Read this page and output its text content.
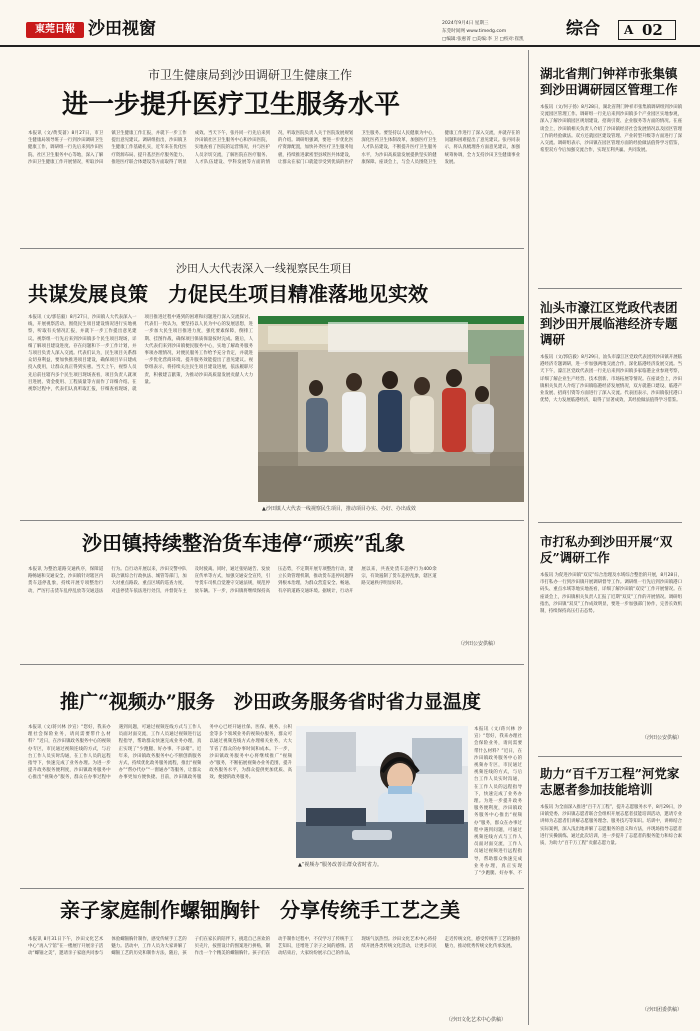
東莞日報 沙田视窗	2024年9月4日 星期三
东莞时间网 www.timedg.com
□编辑:张惠菁 □美编:李 卫 □校对:崔凯
综合 A 02
市卫生健康局到沙田调研卫生健康工作
进一步提升医疗卫生服务水平
本报讯（文/黄雯蔷）8月27日，市卫生健康局领导班子一行到沙田调研卫生健康工作，调研组一行先后来到沙田医院、社区卫生服务中心等地，深入了解沙田卫生健康工作开展情况，听取沙田镇卫生健康工作汇报，并就下一步工作提出意见建议。调研组指出，沙田镇卫生健康工作基础扎实，近年来在优化医疗资源布局、提升基层医疗服务能力、推进医疗联合体建设等方面取得了明显成效。当天下午，张丹同一行先后来到沙田镇社区卫生服务中心和沙田医院，实地查看了医院的运营情况，并与医护人员亲切交流，了解医院在医疗服务、人才队伍建设、学科发展等方面的情况，听取医院负责人关于医院发展规划的介绍。调研组强调，要进一步优化医疗资源配置，加快补齐医疗卫生服务短板，持续推进紧密型县域医共体建设，让群众在家门口就能享受到优质的医疗卫生服务。要坚持以人民健康为中心，深化医药卫生体制改革，加强医疗卫生人才队伍建设，不断提升医疗卫生服务水平，为沙田高质量发展提供坚实的健康保障。座谈会上，与会人员围绕卫生健康工作进行了深入交流，并就存在的问题和困难提出了意见建议。张丹同表示，将认真梳理各方面意见建议，加强统筹协调，全力支持沙田卫生健康事业发展。
沙田人大代表深入一线视察民生项目
共谋发展良策　力促民生项目精准落地见实效
本报讯（文/郭信毅）8月27日，沙田镇人大代表深入一线，开展视察活动，围绕民生项目建设情况进行实地视察，听取有关情况汇报，并就下一步工作提出意见建议。视察组一行先后来到沙田镇多个民生项目现场，详细了解项目建设进度、存在问题和下一步工作计划，并与项目负责人深入交流。代表们认为，民生项目关系群众切身利益，要加快推进项目建设，确保项目早日建成投入使用，让群众真正得到实惠。当天上午，视察人员先后前往辖内多个民生项目现场查看，项目负责人就项目进展、资金使用、工程质量等方面作了详细介绍。在视察过程中，代表们认真听取汇报，仔细查看现场，就项目推进过程中遇到的困难和问题进行深入交流探讨。代表们一致认为，要坚持以人民为中心的发展思想，进一步加大民生项目推进力度，强化要素保障，倒排工期、挂图作战，确保项目保质保量按时完成。随后，人大代表们来到沙田镇便民服务中心，实地了解政务服务事项办理情况，对便民服务工作给予充分肯定，并就进一步优化营商环境、提升服务效能提出了意见建议。视察组表示，将持续关注民生项目建设进展，依法履职尽责，积极建言献策，为推动沙田高质量发展贡献人大力量。
▲沙田镇人大代表一线视察民生项目，推动项目办实、办好、办出成效
沙田镇持续整治货车违停“顽疾”乱象
本报讯 为整治道路交通秩序，保障道路畅通和交通安全，沙田镇针对辖区内货车违停乱象，持续开展专项整治行动，严厉打击货车乱停乱放等交通违法行为。自行动开展以来，沙田交警中队联合镇综合行政执法、城管等部门，加大对重点路段、重点区域的巡查力度，对违停货车依法进行处罚，并督促车主及时驶离。同时，通过张贴通告、发放宣传单等方式，加强交通安全宣传，引导货车司机自觉遵守交通法规，规范停放车辆。下一步，沙田镇将继续保持高压态势，不定期开展专项整治行动，建立长效管理机制，推动货车违停问题得到根本治理，为群众营造安全、畅通、有序的道路交通环境。据统计，行动开展以来，共查处货车违停行为400余宗，有效遏制了货车违停乱象，辖区道路交通秩序明显好转。
（沙田公安供稿）
推广“视频办”服务　沙田政务服务省时省力显温度
本报讯（文/蒋兴林 沙宣）“您好，我来办理社会保险业务，请问需要带什么材料？”近日，在沙田镇政务服务中心的视频办专区，市民通过视频连线的方式，与后台工作人员实时沟通，在工作人员的远程指导下，快速完成了业务办理。为进一步提升政务服务便利度，沙田镇政务服务中心推出“视频办”服务，群众在办事过程中遇到问题，可通过视频连线方式与工作人员面对面交流，工作人员通过视频进行远程指导，帮助群众快速完成业务办理，真正实现了“少跑腿、好办事、不添堵”。近年来，沙田镇政务服务中心不断创新服务方式，持续优化政务服务流程，推出“视频办”“帮办代办”“一窗通办”等服务，让群众办事更加方便快捷。目前，沙田镇政务服务中心已经开通社保、医保、税务、公积金等多个领域业务的视频办服务，群众可以通过视频连线方式办理相关业务，大大节省了群众的办事时间和成本。下一步，沙田镇政务服务中心将继续推广“视频办”服务，不断拓展视频办业务范围，提升政务服务水平，为群众提供更加优质、高效、便捷的政务服务。
▲“视频办”服务改善让群众省时省力。
本报讯（文/蒋兴林 沙宣）“您好，我来办理社会保险业务，请问需要带什么材料？”近日，在沙田镇政务服务中心的视频办专区，市民通过视频连线的方式，与后台工作人员实时沟通，在工作人员的远程指导下，快速完成了业务办理。为进一步提升政务服务便利度，沙田镇政务服务中心推出“视频办”服务，群众在办事过程中遇到问题，可通过视频连线方式与工作人员面对面交流，工作人员通过视频进行远程指导，帮助群众快速完成业务办理，真正实现了“少跑腿、好办事、不
亲子家庭制作螺钿胸针　分享传统手工艺之美
本报讯 8月31日下午，沙田文化艺术中心“再入宁馆”在一楼展厅开展亲子活动“螺钿之美”，邀请亲子家庭共同参与体验螺钿胸针制作，感受传统手工艺的魅力。活动中，工作人员为大家讲解了螺钿工艺的历史和制作方法，随后，孩子们在家长的陪伴下，挑选自己喜欢的贝壳片，按照设计的图案进行拼贴，制作出一个个精美的螺钿胸针。孩子们在动手制作过程中，不仅学习了传统手工艺知识，还增进了亲子之间的感情。活动结束后，大家纷纷展示自己的作品，现场气氛热烈。沙田文化艺术中心将持续开展各类传统文化活动，让更多市民走近传统文化，感受传统手工艺的独特魅力，推动优秀传统文化传承发展。
（沙田文化艺术中心供稿）
湖北省荆门钟祥市张集镇到沙田调研园区管理工作
本报讯（文/何子扬）8月28日，湖北省荆门钟祥市张集镇调研组到沙田镇交流园区管理工作。调研组一行先后来到沙田镇多个产业园区实地参观，深入了解沙田镇园区规划建设、招商引资、企业服务等方面的情况。在座谈会上，沙田镇相关负责人介绍了沙田镇经济社会发展情况以及园区管理工作的经验做法。双方还就园区建设管理、产业转型升级等方面进行了深入交流。调研组表示，沙田镇在园区管理方面的经验做法值得学习借鉴，希望双方今后加强交流合作，实现互利共赢、共同发展。
汕头市濠江区党政代表团到沙田开展临港经济专题调研
本报讯（文/郭信毅）8月29日，汕头市濠江区党政代表团到沙田镇开展临港经济专题调研，进一步加强两地交流合作，深化临港经济发展交流。当天下午，濠江区党政代表团一行先后来到沙田镇多家临港企业参观考察，详细了解企业生产经营、技术创新、市场拓展等情况。在座谈会上，沙田镇相关负责人介绍了沙田镇临港经济发展情况，双方就港口建设、临港产业发展、招商引资等方面进行了深入交流。代表团表示，沙田镇依托港口优势，大力发展临港经济，取得了显著成效，其经验做法值得学习借鉴。
市打私办到沙田开展“双反”调研工作
本报讯 为促进沙田镇“双反”综合治理及水域综合整治的开展，8月28日，市打私办一行到沙田镇开展调研督导工作。调研组一行先后到沙田镇港口码头、重点水域等地实地查看，详细了解沙田镇“双反”工作开展情况。在座谈会上，沙田镇相关负责人汇报了近期“双反”工作的开展情况。调研组指出，沙田镇“双反”工作成效明显，要进一步加强部门协作，完善长效机制，持续保持高压打击态势。
（沙田公安供稿）
助力“百千万工程”河党家志愿者参加技能培训
本报讯 为全面深入推进“百千万工程”，提升志愿服务水平，8月29日，沙田镇党委、沙田镇志愿者联合会组织开展志愿者技能培训活动，邀请专业讲师为志愿者们讲解志愿服务理念、服务技巧等知识。培训中，讲师结合实际案例，深入浅出地讲解了志愿服务的意义和方法，并现场指导志愿者进行实操演练。通过此次培训，进一步提升了志愿者的服务能力和综合素质，为助力“百千万工程”贡献志愿力量。
（沙田团委供稿）
